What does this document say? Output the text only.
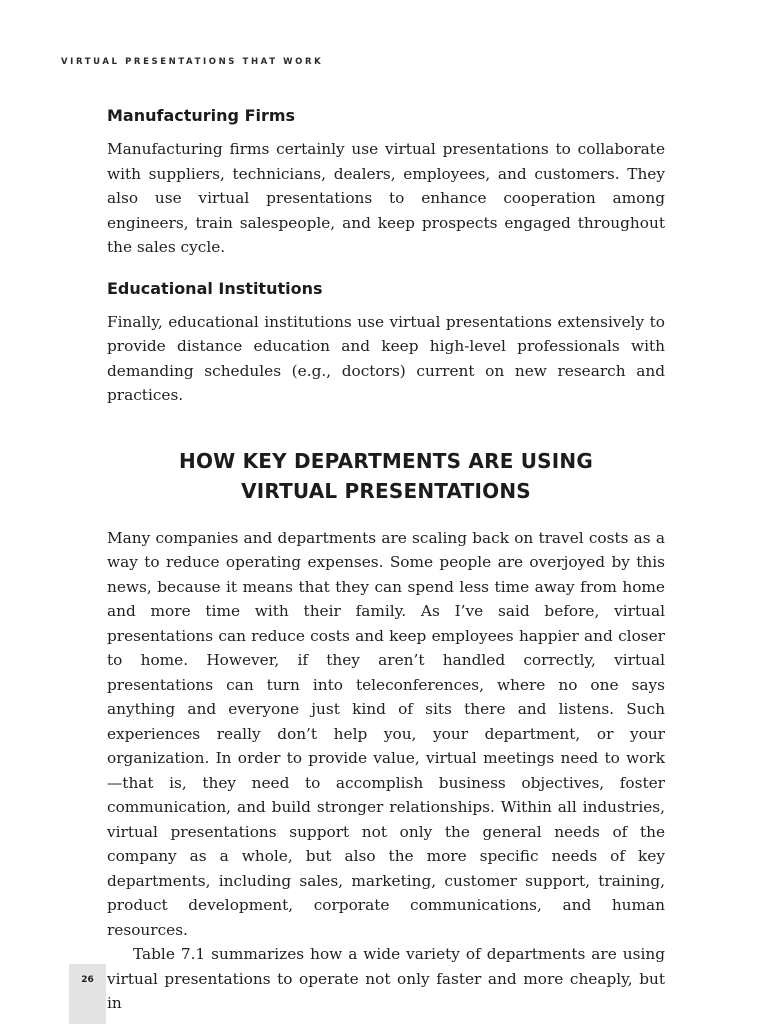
VIRTUAL PRESENTATIONS THAT WORK
Manufacturing Firms

Manufacturing firms certainly use virtual presentations to collaborate with suppliers, technicians, dealers, employees, and customers. They also use virtual presentations to enhance cooperation among engineers, train salespeople, and keep prospects engaged throughout the sales cycle.

Educational Institutions

Finally, educational institutions use virtual presentations extensively to provide distance education and keep high-level professionals with demanding schedules (e.g., doctors) current on new research and practices.

HOW KEY DEPARTMENTS ARE USING
VIRTUAL PRESENTATIONS

Many companies and departments are scaling back on travel costs as a way to reduce operating expenses. Some people are overjoyed by this news, because it means that they can spend less time away from home and more time with their family. As I’ve said before, virtual presentations can reduce costs and keep employees happier and closer to home. However, if they aren’t handled correctly, virtual presentations can turn into teleconferences, where no one says anything and everyone just kind of sits there and listens. Such experiences really don’t help you, your department, or your organization. In order to provide value, virtual meetings need to work—that is, they need to accomplish business objectives, foster communication, and build stronger relationships. Within all industries, virtual presentations support not only the general needs of the company as a whole, but also the more specific needs of key departments, including sales, marketing, customer support, training, product development, corporate communications, and human resources.

Table 7.1 summarizes how a wide variety of departments are using virtual presentations to operate not only faster and more cheaply, but in

26
